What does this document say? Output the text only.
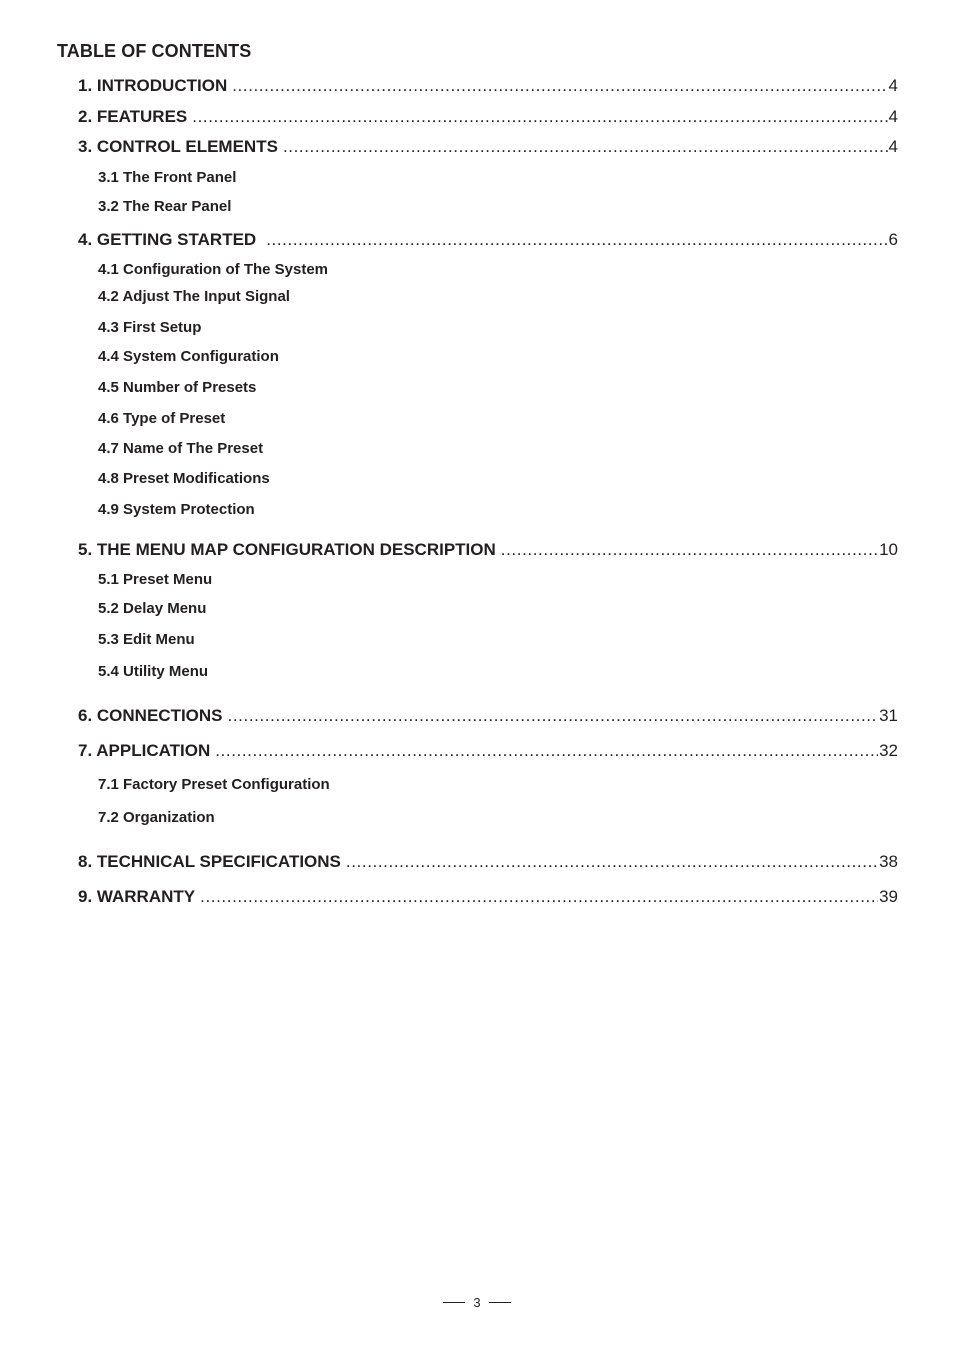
TABLE OF CONTENTS
1. INTRODUCTION .....	4
2. FEATURES .....	4
3. CONTROL ELEMENTS .....	4
3.1 The Front Panel
3.2 The Rear Panel
4. GETTING STARTED .....	6
4.1 Configuration of The System
4.2 Adjust The Input Signal
4.3 First Setup
4.4 System Configuration
4.5 Number of Presets
4.6 Type of Preset
4.7 Name of The Preset
4.8 Preset Modifications
4.9 System Protection
5. THE MENU MAP CONFIGURATION DESCRIPTION .....	10
5.1 Preset Menu
5.2 Delay Menu
5.3 Edit Menu
5.4 Utility Menu
6. CONNECTIONS .....	31
7. APPLICATION .....	32
7.1 Factory Preset Configuration
7.2 Organization
8. TECHNICAL SPECIFICATIONS .....	38
9. WARRANTY .....	39
3
